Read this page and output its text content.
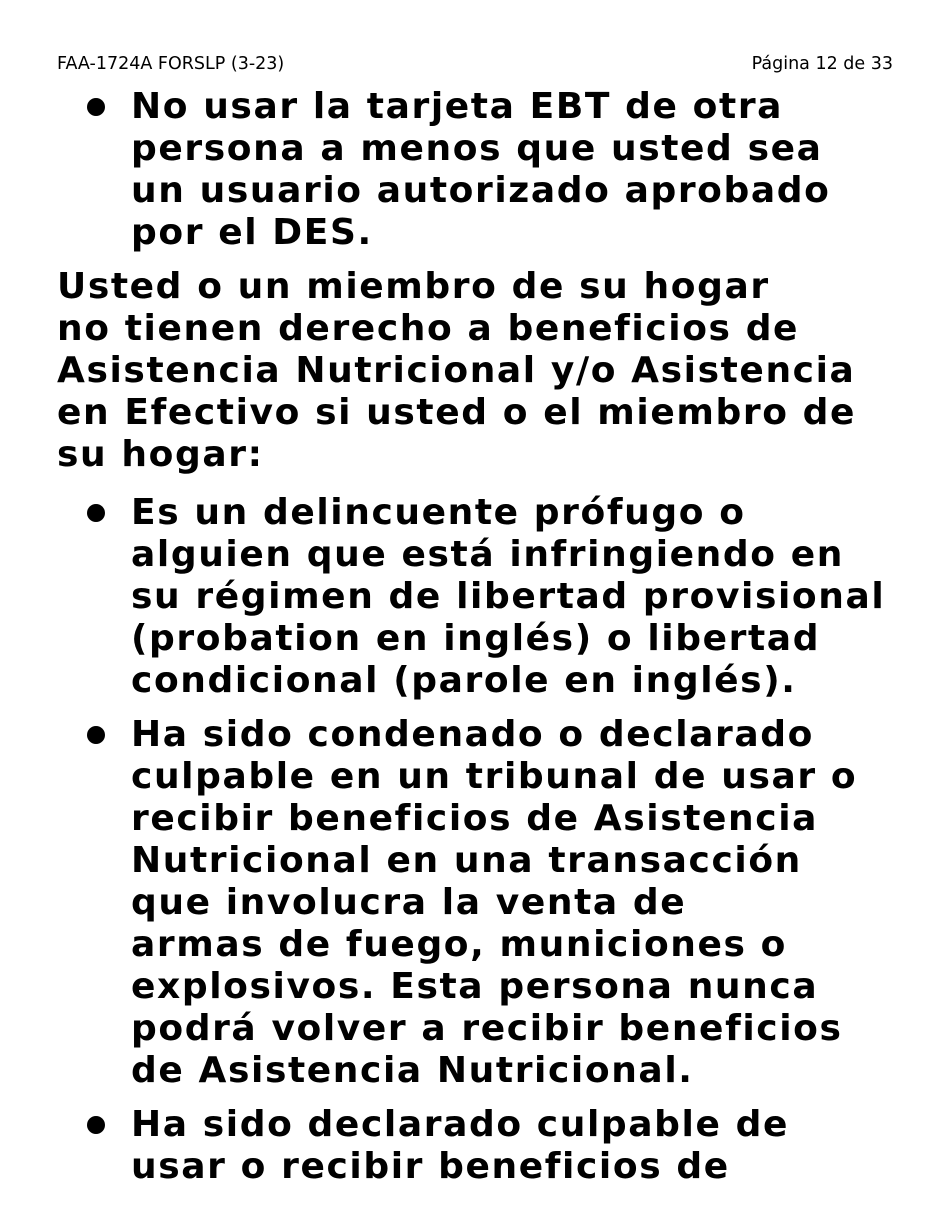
FAA-1724A FORSLP (3-23)	Página 12 de 33
No usar la tarjeta EBT de otra
persona a menos que usted sea
un usuario autorizado aprobado
por el DES.
Usted o un miembro de su hogar
no tienen derecho a beneficios de
Asistencia Nutricional y/o Asistencia
en Efectivo si usted o el miembro de
su hogar:
Es un delincuente prófugo o
alguien que está infringiendo en
su régimen de libertad provisional
(probation en inglés) o libertad
condicional (parole en inglés).
Ha sido condenado o declarado
culpable en un tribunal de usar o
recibir beneficios de Asistencia
Nutricional en una transacción
que involucra la venta de
armas de fuego, municiones o
explosivos. Esta persona nunca
podrá volver a recibir beneficios
de Asistencia Nutricional.
Ha sido declarado culpable de
usar o recibir beneficios de
